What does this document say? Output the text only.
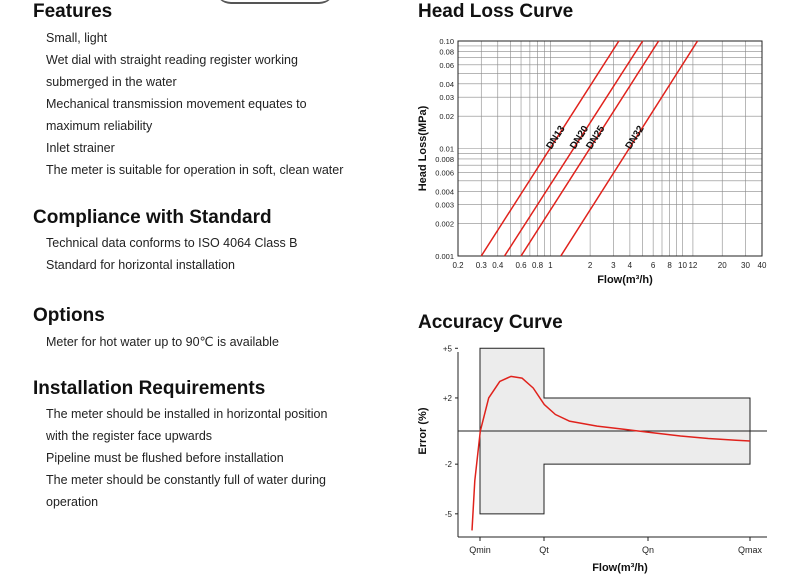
Features
Small, light
Wet dial with straight reading register working
submerged in the water
Mechanical transmission movement equates to
maximum reliability
Inlet strainer
The meter is suitable for operation in soft, clean water
Compliance with Standard
Technical data conforms to ISO 4064 Class B
Standard for horizontal installation
Options
Meter for hot water up to 90℃ is available
Installation Requirements
The meter should be installed in horizontal position
with the register face upwards
Pipeline must be flushed before installation
The meter should be constantly full of water during
operation
Head Loss Curve
0.2 0.3 0.4 0.6 0.8 1	2 3 4 6 8 10 12	20 30 40
0.001
0.002
0.003
0.004
0.006
0.008
0.01
0.02
0.03
0.04
0.06
0.08
0.10
Flow(m³/h)
Head Loss(MPa)	DN13 DN20
DN25 DN32
Accuracy Curve
+5
+2
-2
-5
Qmin	Qt	Qn	Qmax
Flow(m³/h)
Error (%)
